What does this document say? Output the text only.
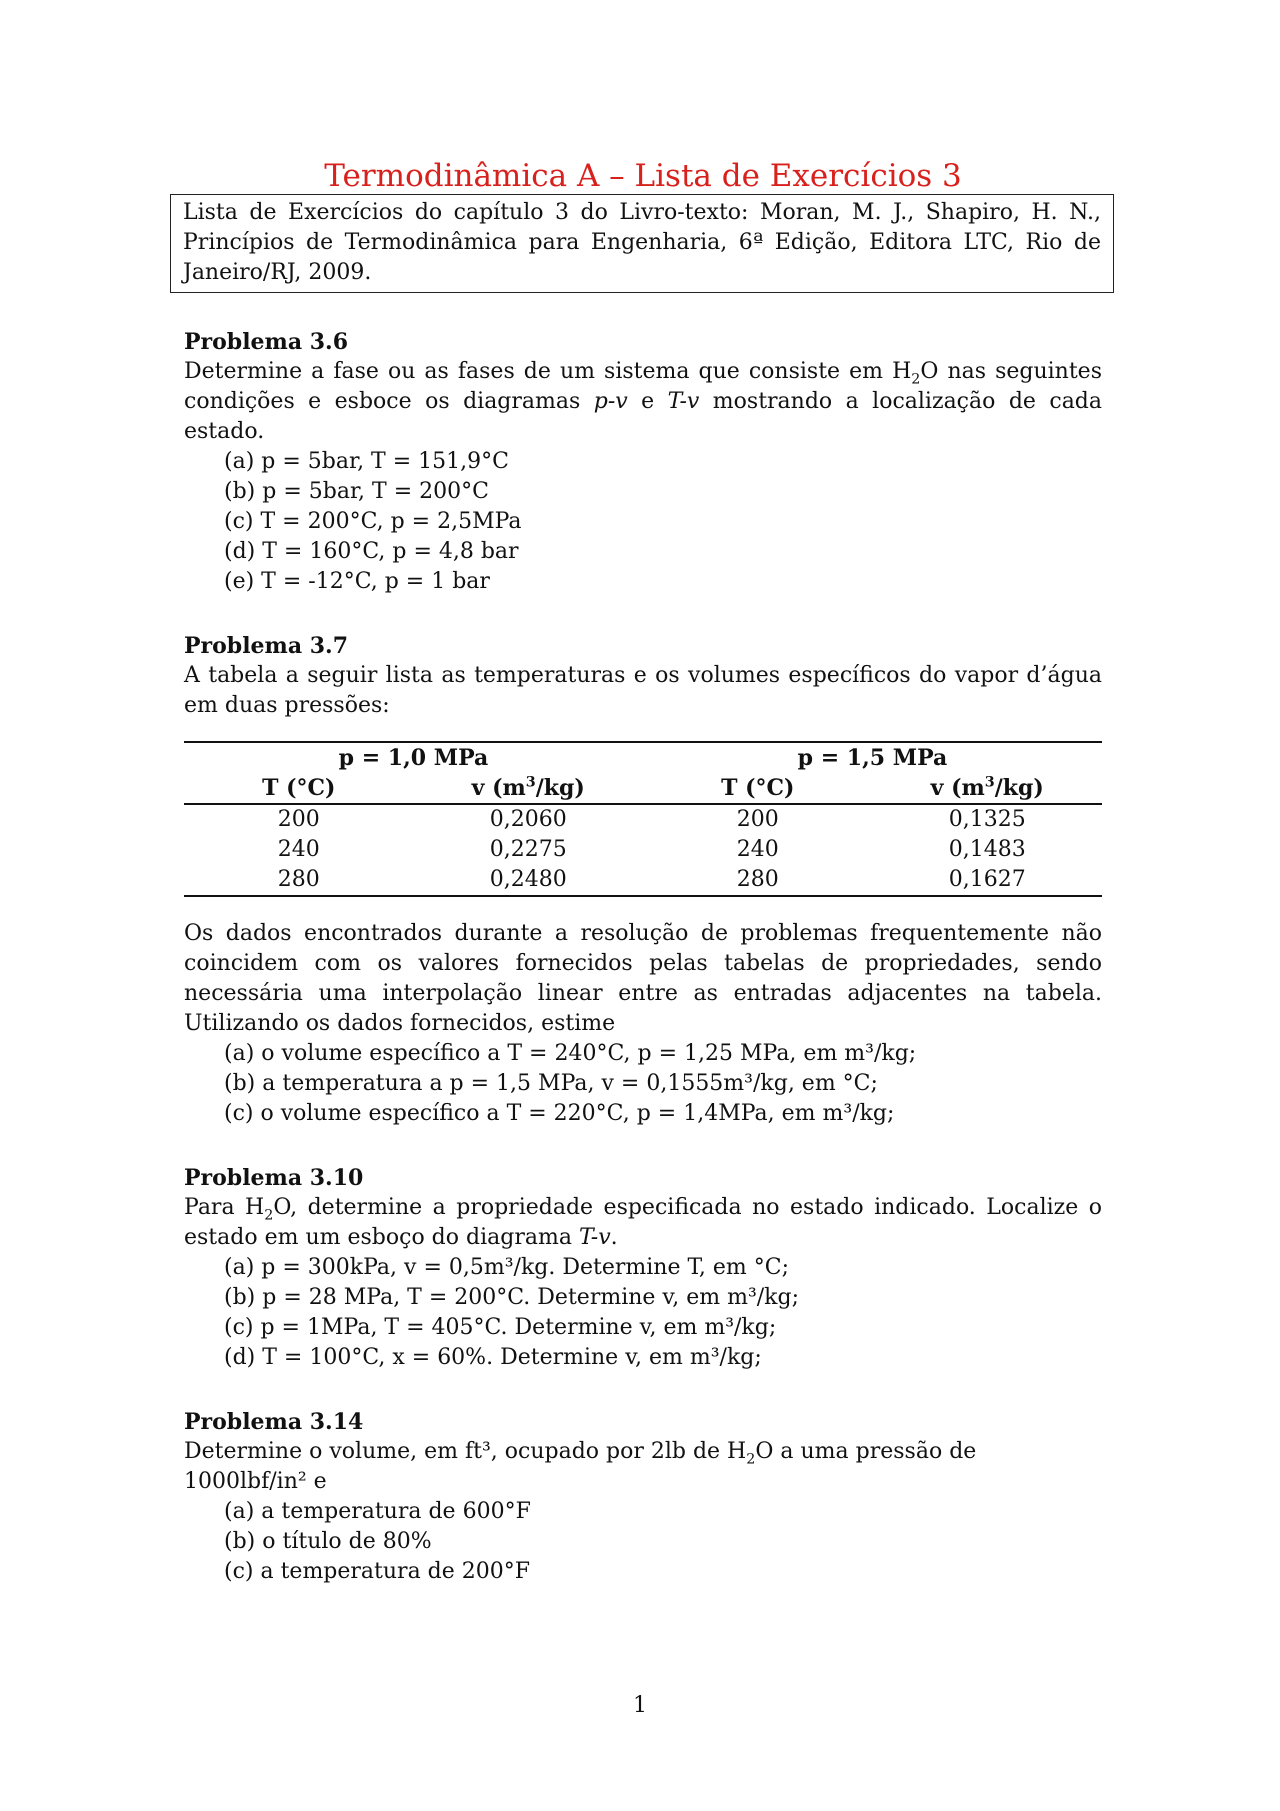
Termodinâmica A – Lista de Exercícios 3
Lista de Exercícios do capítulo 3 do Livro-texto: Moran, M. J., Shapiro, H. N., Princípios de Termodinâmica para Engenharia, 6ª Edição, Editora LTC, Rio de Janeiro/RJ, 2009.

Problema 3.6

Determine a fase ou as fases de um sistema que consiste em $H_2O$ nas seguintes condições e esboce os diagramas p-v e T-v mostrando a localização de cada estado.

(a) p = 5bar, T = 151,9°C
(b) p = 5bar, T = 200°C
(c) T = 200°C, p = 2,5MPa
(d) T = 160°C, p = 4,8 bar
(e) T = -12°C, p = 1 bar

Problema 3.7

A tabela a seguir lista as temperaturas e os volumes específicos do vapor d’água em duas pressões:

p = 1,0 MPa		p = 1,5 MPa	
T (°C)	v $(m^3/kg)$	T (°C)	v $(m^3/kg)$
200	0,2060	200	0,1325
240	0,2275	240	0,1483
280	0,2480	280	0,1627

Os dados encontrados durante a resolução de problemas frequentemente não coincidem com os valores fornecidos pelas tabelas de propriedades, sendo necessária uma interpolação linear entre as entradas adjacentes na tabela. Utilizando os dados fornecidos, estime

(a) o volume específico a T = 240°C, p = 1,25 MPa, em m³/kg;
(b) a temperatura a p = 1,5 MPa, v = 0,1555m³/kg, em °C;
(c) o volume específico a T = 220°C, p = 1,4MPa, em m³/kg;

Problema 3.10

Para $H_2O$, determine a propriedade especificada no estado indicado. Localize o estado em um esboço do diagrama T-v.

(a) p = 300kPa, v = 0,5m³/kg. Determine T, em °C;
(b) p = 28 MPa, T = 200°C. Determine v, em m³/kg;
(c) p = 1MPa, T = 405°C. Determine v, em m³/kg;
(d) T = 100°C, x = 60%. Determine v, em m³/kg;

Problema 3.14

Determine o volume, em ft³, ocupado por 2lb de $H_2O$ a uma pressão de 1000lbf/in² e

(a) a temperatura de 600°F
(b) o título de 80%
(c) a temperatura de 200°F
1
